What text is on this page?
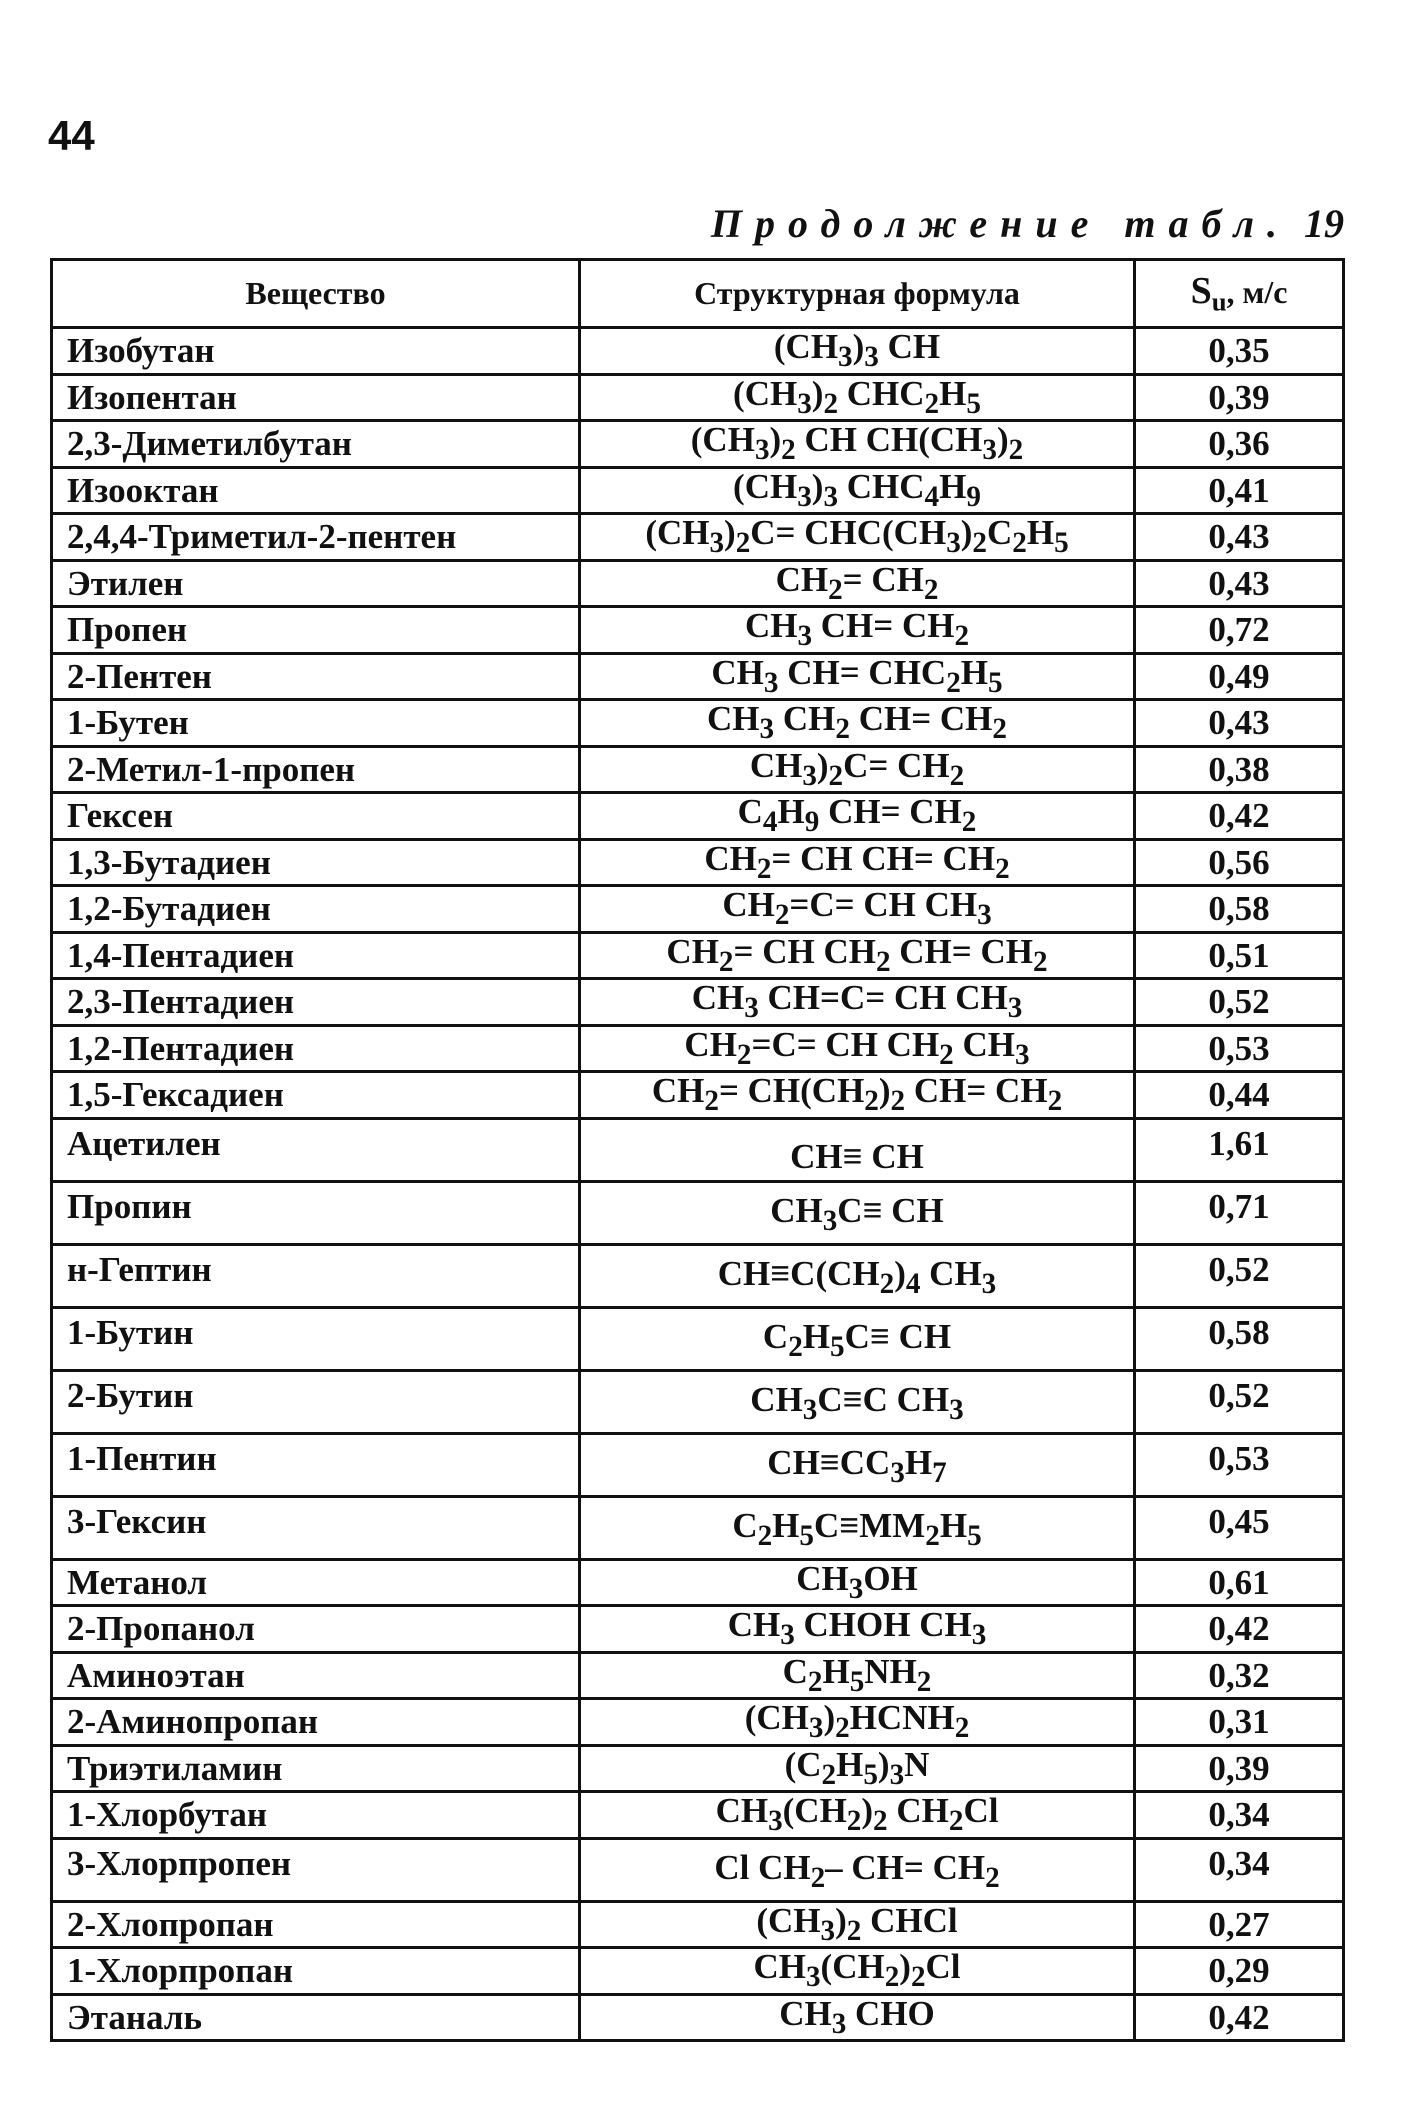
44
Продолжение табл. 19
Вещество	Структурная формула	$S_u$, м/с
Изобутан	$(CH_3)_3$ CH	0,35
Изопентан	$(CH_3)_2$ $CHC_2H_5$	0,39
2,3-Диметилбутан	$(CH_3)_2$ CH $CH(CH_3)_2$	0,36
Изооктан	$(CH_3)_3$ $CHC_4H_9$	0,41
2,4,4-Триметил-2-пентен	$(CH_3)_2C= CHC(CH_3)_2C_2H_5$	0,43
Этилен	$CH_2= CH_2$	0,43
Пропен	$CH_3$ $CH= CH_2$	0,72
2-Пентен	$CH_3$ $CH= CHC_2H_5$	0,49
1-Бутен	$CH_3$ $CH_2$ $CH= CH_2$	0,43
2-Метил-1-пропен	$CH_3)_2C= CH_2$	0,38
Гексен	$C_4H_9$ $CH= CH_2$	0,42
1,3-Бутадиен	$CH_2=$ CH $CH= CH_2$	0,56
1,2-Бутадиен	$CH_2=C=$ CH $CH_3$	0,58
1,4-Пентадиен	$CH_2=$ CH $CH_2$ $CH= CH_2$	0,51
2,3-Пентадиен	$CH_3$ CH=C= CH $CH_3$	0,52
1,2-Пентадиен	$CH_2=C=$ CH $CH_2$ $CH_3$	0,53
1,5-Гексадиен	$CH_2= CH(CH_2)_2$ $CH= CH_2$	0,44
Ацетилен	CH≡ CH	1,61
Пропин	$CH_3C\equiv$ CH	0,71
н-Гептин	$CH\equiv C(CH_2)_4$ $CH_3$	0,52
1-Бутин	$C_2H_5C\equiv$ CH	0,58
2-Бутин	$CH_3C\equiv C$ $CH_3$	0,52
1-Пентин	$CH\equiv CC_3H_7$	0,53
3-Гексин	$C_2H_5C\equiv MM_2H_5$	0,45
Метанол	$CH_3OH$	0,61
2-Пропанол	$CH_3$ CHOH $CH_3$	0,42
Аминоэтан	$C_2H_5NH_2$	0,32
2-Аминопропан	$(CH_3)_2HCNH_2$	0,31
Триэтиламин	$(C_2H_5)_3N$	0,39
1-Хлорбутан	$CH_3(CH_2)_2$ $CH_2Cl$	0,34
3-Хлорпропен	Cl $CH_2-$ $CH= CH_2$	0,34
2-Хлопропан	$(CH_3)_2$ CHCl	0,27
1-Хлорпропан	$CH_3(CH_2)_2Cl$	0,29
Этаналь	$CH_3$ CHO	0,42
